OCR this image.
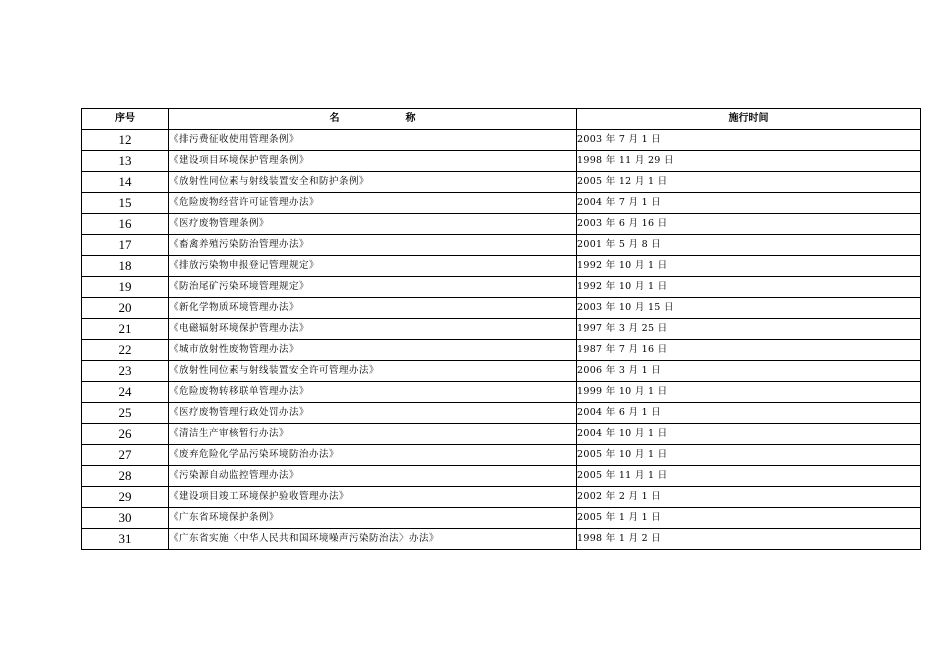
序号	名　称	施行时间
12	《排污费征收使用管理条例》	2003 年 7 月 1 日
13	《建设项目环境保护管理条例》	1998 年 11 月 29 日
14	《放射性同位素与射线装置安全和防护条例》	2005 年 12 月 1 日
15	《危险废物经营许可证管理办法》	2004 年 7 月 1 日
16	《医疗废物管理条例》	2003 年 6 月 16 日
17	《畜禽养殖污染防治管理办法》	2001 年 5 月 8 日
18	《排放污染物申报登记管理规定》	1992 年 10 月 1 日
19	《防治尾矿污染环境管理规定》	1992 年 10 月 1 日
20	《新化学物质环境管理办法》	2003 年 10 月 15 日
21	《电磁辐射环境保护管理办法》	1997 年 3 月 25 日
22	《城市放射性废物管理办法》	1987 年 7 月 16 日
23	《放射性同位素与射线装置安全许可管理办法》	2006 年 3 月 1 日
24	《危险废物转移联单管理办法》	1999 年 10 月 1 日
25	《医疗废物管理行政处罚办法》	2004 年 6 月 1 日
26	《清洁生产审核暂行办法》	2004 年 10 月 1 日
27	《废弃危险化学品污染环境防治办法》	2005 年 10 月 1 日
28	《污染源自动监控管理办法》	2005 年 11 月 1 日
29	《建设项目竣工环境保护验收管理办法》	2002 年 2 月 1 日
30	《广东省环境保护条例》	2005 年 1 月 1 日
31	《广东省实施〈中华人民共和国环境噪声污染防治法〉办法》	1998 年 1 月 2 日
